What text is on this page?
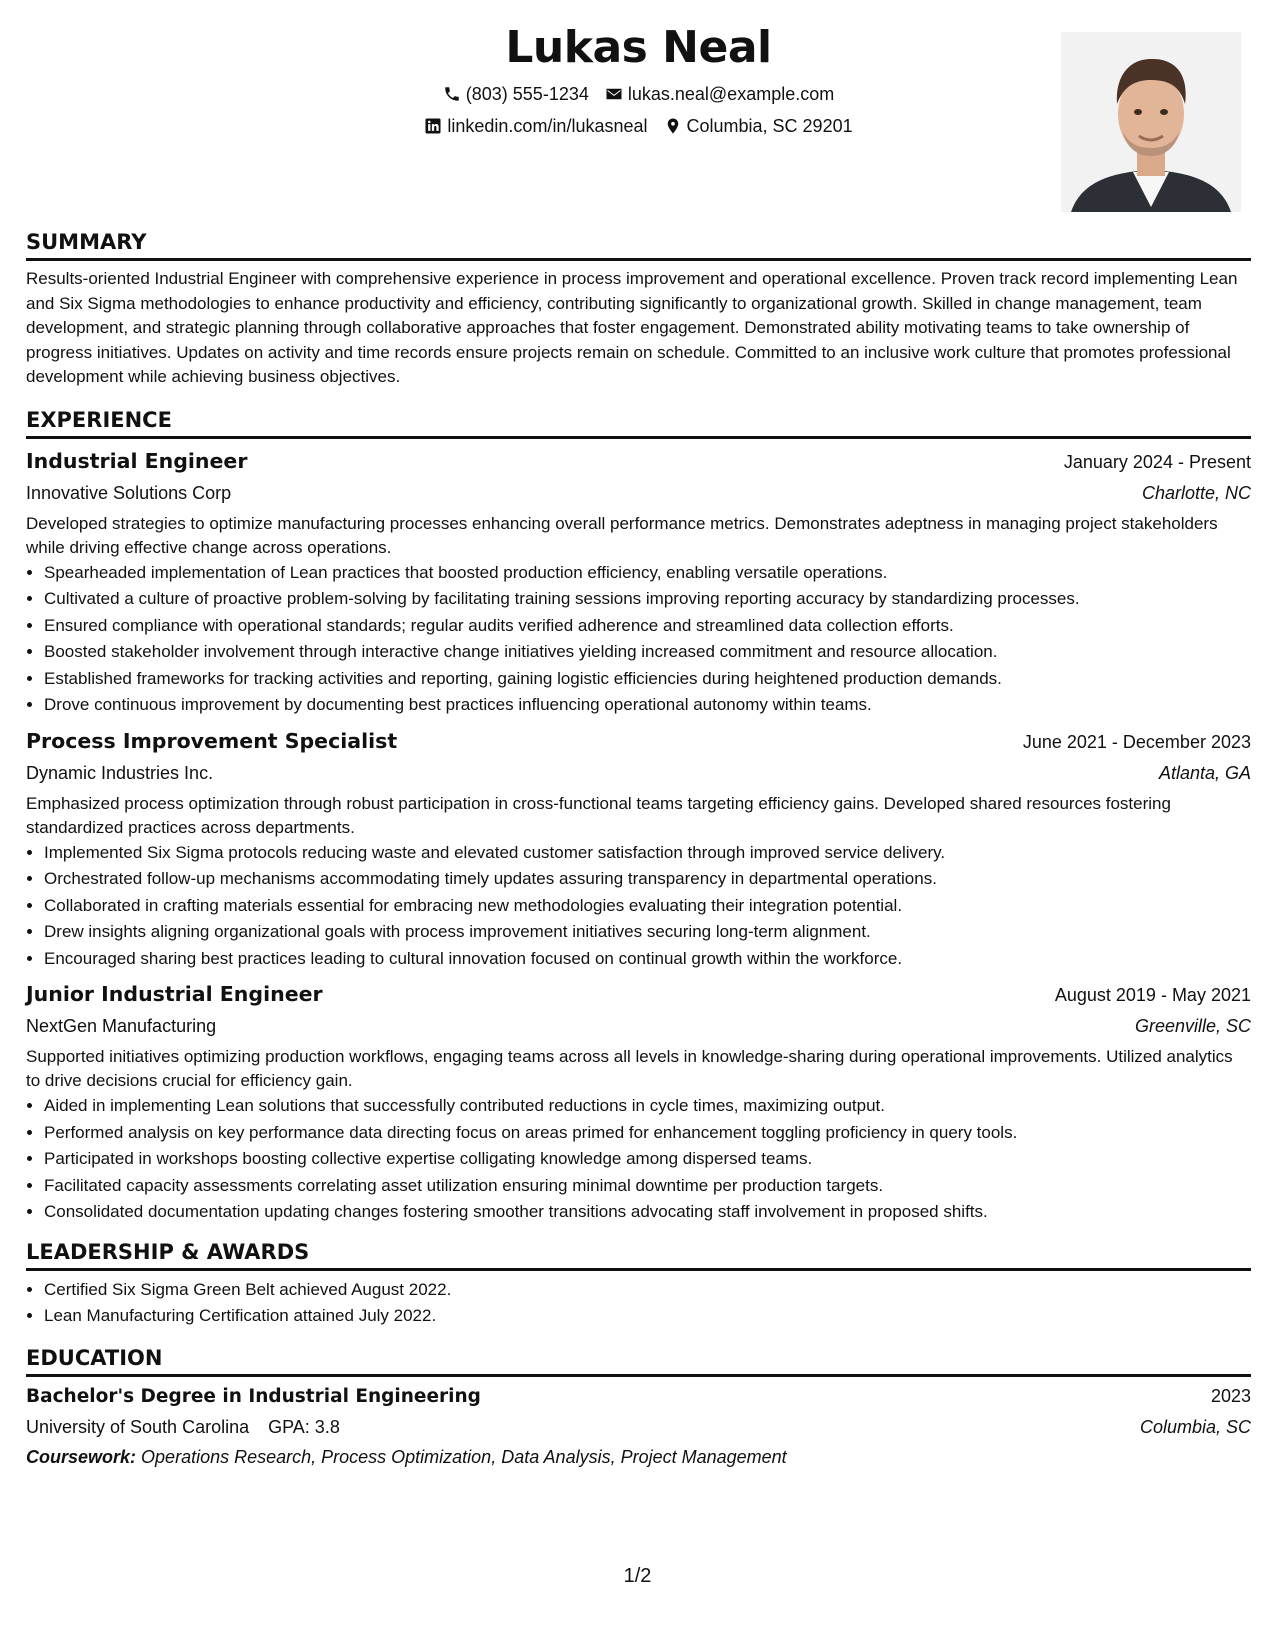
Lukas Neal
(803) 555-1234 lukas.neal@example.com
linkedin.com/in/lukasneal Columbia, SC 29201
SUMMARY

Results-oriented Industrial Engineer with comprehensive experience in process improvement and operational excellence. Proven track record implementing Lean and Six Sigma methodologies to enhance productivity and efficiency, contributing significantly to organizational growth. Skilled in change management, team development, and strategic planning through collaborative approaches that foster engagement. Demonstrated ability motivating teams to take ownership of progress initiatives. Updates on activity and time records ensure projects remain on schedule. Committed to an inclusive work culture that promotes professional development while achieving business objectives.

EXPERIENCE
Industrial Engineer	January 2024 - Present
Innovative Solutions Corp	Charlotte, NC

Developed strategies to optimize manufacturing processes enhancing overall performance metrics. Demonstrates adeptness in managing project stakeholders while driving effective change across operations.

• Spearheaded implementation of Lean practices that boosted production efficiency, enabling versatile operations.
• Cultivated a culture of proactive problem-solving by facilitating training sessions improving reporting accuracy by standardizing processes.
• Ensured compliance with operational standards; regular audits verified adherence and streamlined data collection efforts.
• Boosted stakeholder involvement through interactive change initiatives yielding increased commitment and resource allocation.
• Established frameworks for tracking activities and reporting, gaining logistic efficiencies during heightened production demands.
• Drove continuous improvement by documenting best practices influencing operational autonomy within teams.
Process Improvement Specialist	June 2021 - December 2023
Dynamic Industries Inc.	Atlanta, GA

Emphasized process optimization through robust participation in cross-functional teams targeting efficiency gains. Developed shared resources fostering standardized practices across departments.

• Implemented Six Sigma protocols reducing waste and elevated customer satisfaction through improved service delivery.
• Orchestrated follow-up mechanisms accommodating timely updates assuring transparency in departmental operations.
• Collaborated in crafting materials essential for embracing new methodologies evaluating their integration potential.
• Drew insights aligning organizational goals with process improvement initiatives securing long-term alignment.
• Encouraged sharing best practices leading to cultural innovation focused on continual growth within the workforce.
Junior Industrial Engineer	August 2019 - May 2021
NextGen Manufacturing	Greenville, SC

Supported initiatives optimizing production workflows, engaging teams across all levels in knowledge-sharing during operational improvements. Utilized analytics to drive decisions crucial for efficiency gain.

• Aided in implementing Lean solutions that successfully contributed reductions in cycle times, maximizing output.
• Performed analysis on key performance data directing focus on areas primed for enhancement toggling proficiency in query tools.
• Participated in workshops boosting collective expertise colligating knowledge among dispersed teams.
• Facilitated capacity assessments correlating asset utilization ensuring minimal downtime per production targets.
• Consolidated documentation updating changes fostering smoother transitions advocating staff involvement in proposed shifts.
LEADERSHIP & AWARDS
• Certified Six Sigma Green Belt achieved August 2022.
• Lean Manufacturing Certification attained July 2022.
EDUCATION
Bachelor's Degree in Industrial Engineering	2023
University of South Carolina GPA: 3.8	Columbia, SC
Coursework: Operations Research, Process Optimization, Data Analysis, Project Management
1/2
